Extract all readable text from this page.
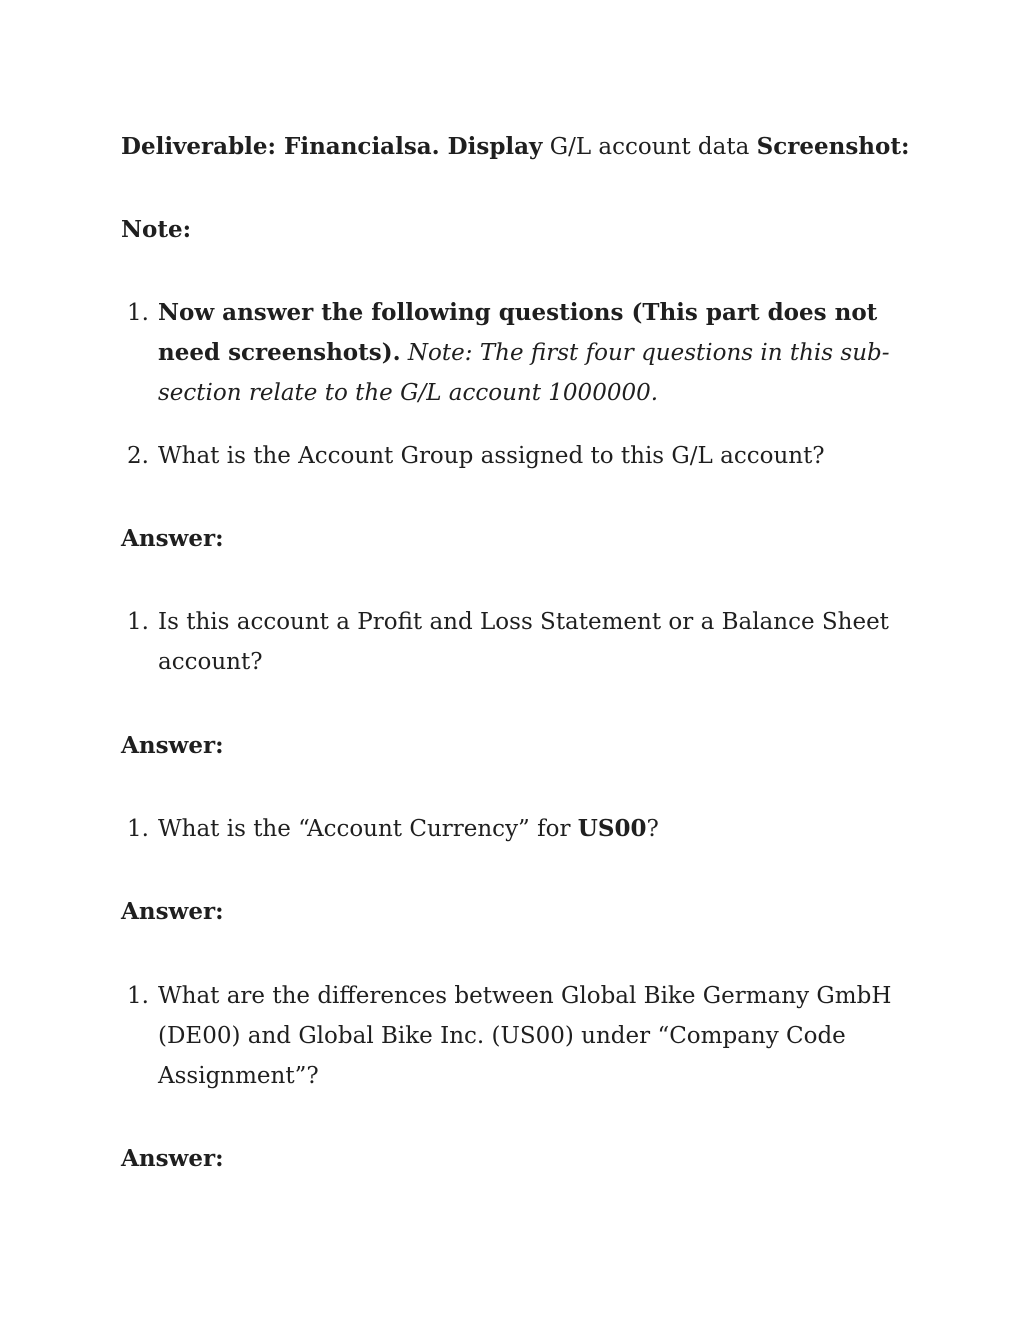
Deliverable: Financialsa. Display G/L account data Screenshot:

Note:

1. Now answer the following questions (This part does not need screenshots). Note: The first four questions in this sub-section relate to the G/L account 1000000.
2. What is the Account Group assigned to this G/L account?

Answer:

1. Is this account a Profit and Loss Statement or a Balance Sheet account?

Answer:

1. What is the “Account Currency” for US00?

Answer:

1. What are the differences between Global Bike Germany GmbH (DE00) and Global Bike Inc. (US00) under “Company Code Assignment”?

Answer:
